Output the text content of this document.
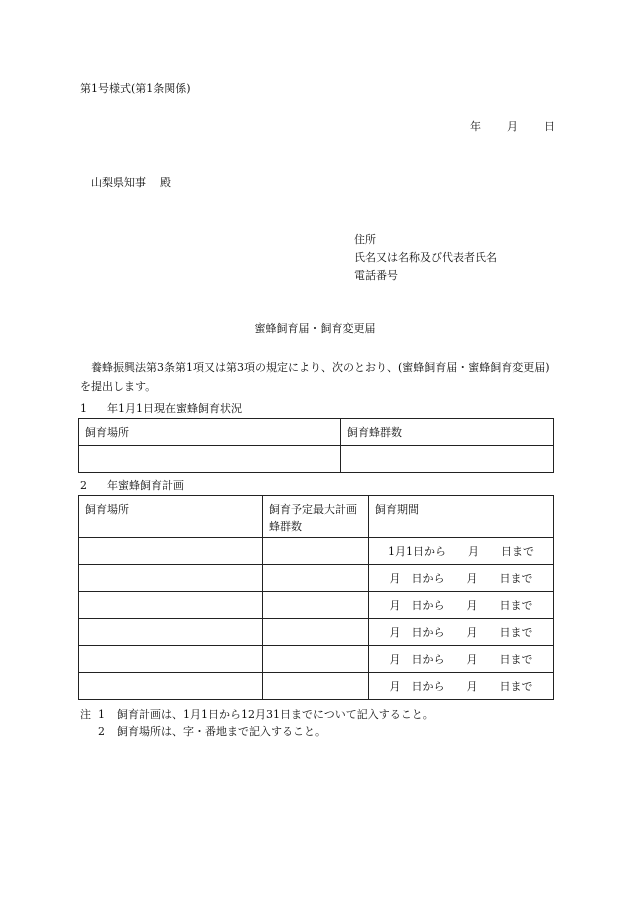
第1号様式(第1条関係)
年 月 日
山梨県知事 殿
住所
氏名又は名称及び代表者氏名
電話番号
蜜蜂飼育届・飼育変更届
養蜂振興法第3条第1項又は第3項の規定により、次のとおり、(蜜蜂飼育届・蜜蜂飼育変更届)を提出します。
1 年1月1日現在蜜蜂飼育状況
飼育場所	飼育蜂群数

2 年蜜蜂飼育計画
飼育場所	飼育予定最大計画蜂群数	飼育期間
		1月1日から　　月　　日まで
		月　日から　　月　　日まで
		月　日から　　月　　日まで
		月　日から　　月　　日まで
		月　日から　　月　　日まで
		月　日から　　月　　日まで
注 1 飼育計画は、1月1日から12月31日までについて記入すること。
2 飼育場所は、字・番地まで記入すること。
